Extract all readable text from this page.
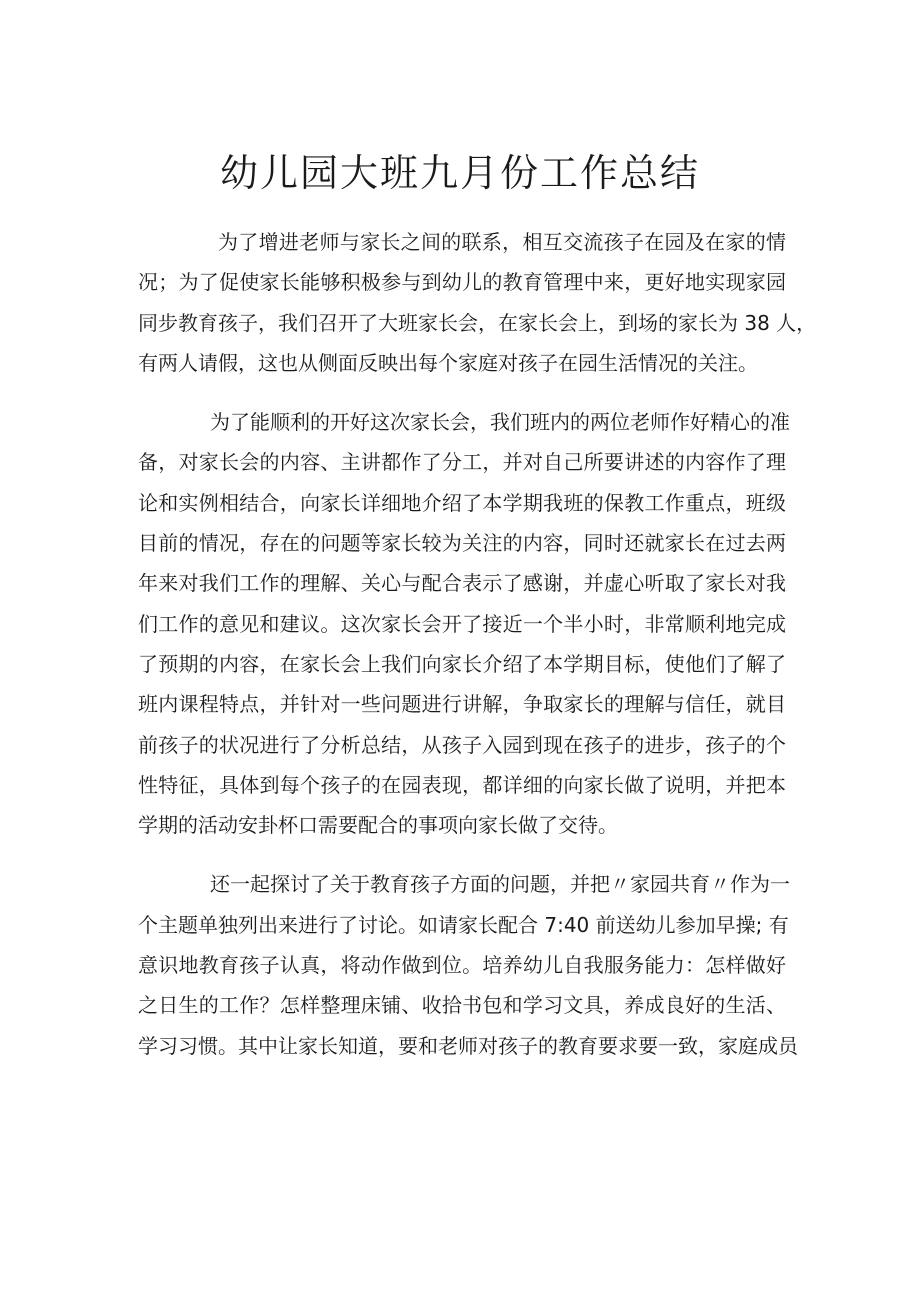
幼儿园大班九月份工作总结
为了增进老师与家长之间的联系，相互交流孩子在园及在家的情
况；为了促使家长能够积极参与到幼儿的教育管理中来，更好地实现家园
同步教育孩子，我们召开了大班家长会，在家长会上，到场的家长为 38 人，
有两人请假，这也从侧面反映出每个家庭对孩子在园生活情况的关注。
为了能顺利的开好这次家长会，我们班内的两位老师作好精心的准
备，对家长会的内容、主讲都作了分工，并对自己所要讲述的内容作了理
论和实例相结合，向家长详细地介绍了本学期我班的保教工作重点，班级
目前的情况，存在的问题等家长较为关注的内容，同时还就家长在过去两
年来对我们工作的理解、关心与配合表示了感谢，并虚心听取了家长对我
们工作的意见和建议。这次家长会开了接近一个半小时，非常顺利地完成
了预期的内容，在家长会上我们向家长介绍了本学期目标，使他们了解了
班内课程特点，并针对一些问题进行讲解，争取家长的理解与信任，就目
前孩子的状况进行了分析总结，从孩子入园到现在孩子的进步，孩子的个
性特征，具体到每个孩子的在园表现，都详细的向家长做了说明，并把本
学期的活动安卦杯口需要配合的事项向家长做了交待。
还一起探讨了关于教育孩子方面的问题，并把〃家园共育〃作为一
个主题单独列出来进行了讨论。如请家长配合 7:40 前送幼儿参加早操; 有
意识地教育孩子认真，将动作做到位。培养幼儿自我服务能力：怎样做好
之日生的工作？怎样整理床铺、收拾书包和学习文具，养成良好的生活、
学习习惯。其中让家长知道，要和老师对孩子的教育要求要一致，家庭成员
